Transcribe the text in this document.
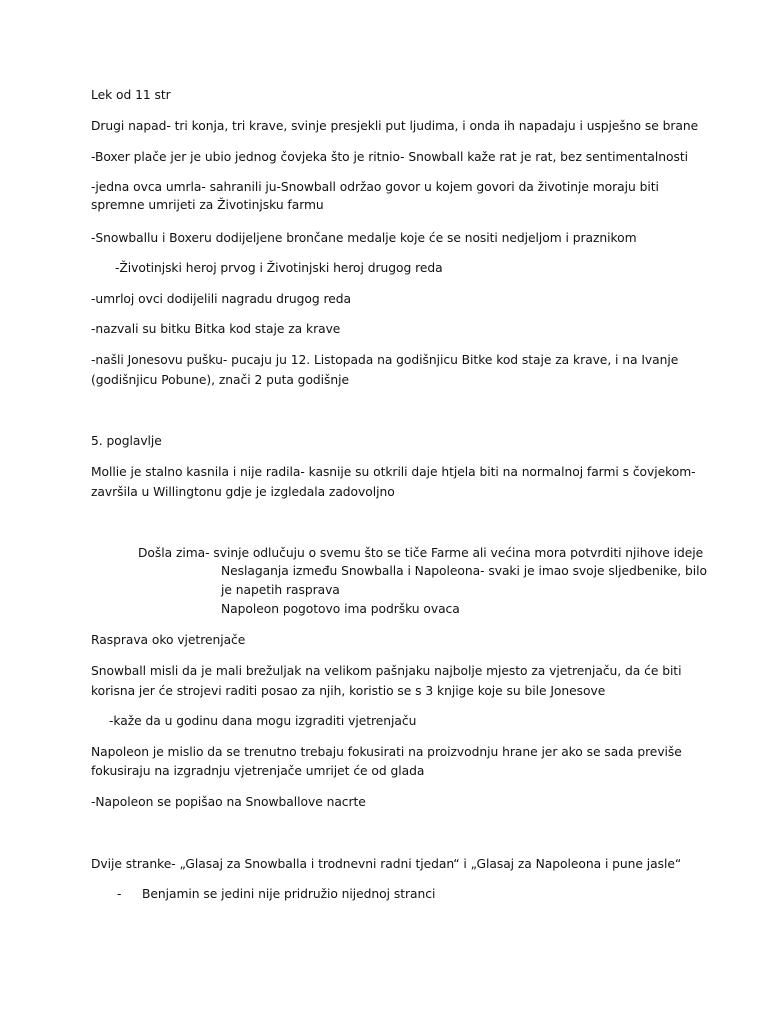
Lek od 11 str
Drugi napad- tri konja, tri krave, svinje presjekli put ljudima, i onda ih napadaju i uspješno se brane
-Boxer plače jer je ubio jednog čovjeka što je ritnio- Snowball kaže rat je rat, bez sentimentalnosti
-jedna ovca umrla- sahranili ju-Snowball održao govor u kojem govori da životinje moraju biti
spremne umrijeti za Životinjsku farmu
-Snowballu i Boxeru dodijeljene brončane medalje koje će se nositi nedjeljom i praznikom
-Životinjski heroj prvog i Životinjski heroj drugog reda
-umrloj ovci dodijelili nagradu drugog reda
-nazvali su bitku Bitka kod staje za krave
-našli Jonesovu pušku- pucaju ju 12. Listopada na godišnjicu Bitke kod staje za krave, i na Ivanje
(godišnjicu Pobune), znači 2 puta godišnje
5. poglavlje
Mollie je stalno kasnila i nije radila- kasnije su otkrili daje htjela biti na normalnoj farmi s čovjekom-
završila u Willingtonu gdje je izgledala zadovoljno
Došla zima- svinje odlučuju o svemu što se tiče Farme ali većina mora potvrditi njihove ideje
Neslaganja između Snowballa i Napoleona- svaki je imao svoje sljedbenike, bilo
je napetih rasprava
Napoleon pogotovo ima podršku ovaca
Rasprava oko vjetrenjače
Snowball misli da je mali brežuljak na velikom pašnjaku najbolje mjesto za vjetrenjaču, da će biti
korisna jer će strojevi raditi posao za njih, koristio se s 3 knjige koje su bile Jonesove
-kaže da u godinu dana mogu izgraditi vjetrenjaču
Napoleon je mislio da se trenutno trebaju fokusirati na proizvodnju hrane jer ako se sada previše
fokusiraju na izgradnju vjetrenjače umrijet će od glada
-Napoleon se popišao na Snowballove nacrte
Dvije stranke- „Glasaj za Snowballa i trodnevni radni tjedan“ i „Glasaj za Napoleona i pune jasle“
- Benjamin se jedini nije pridružio nijednoj stranci
